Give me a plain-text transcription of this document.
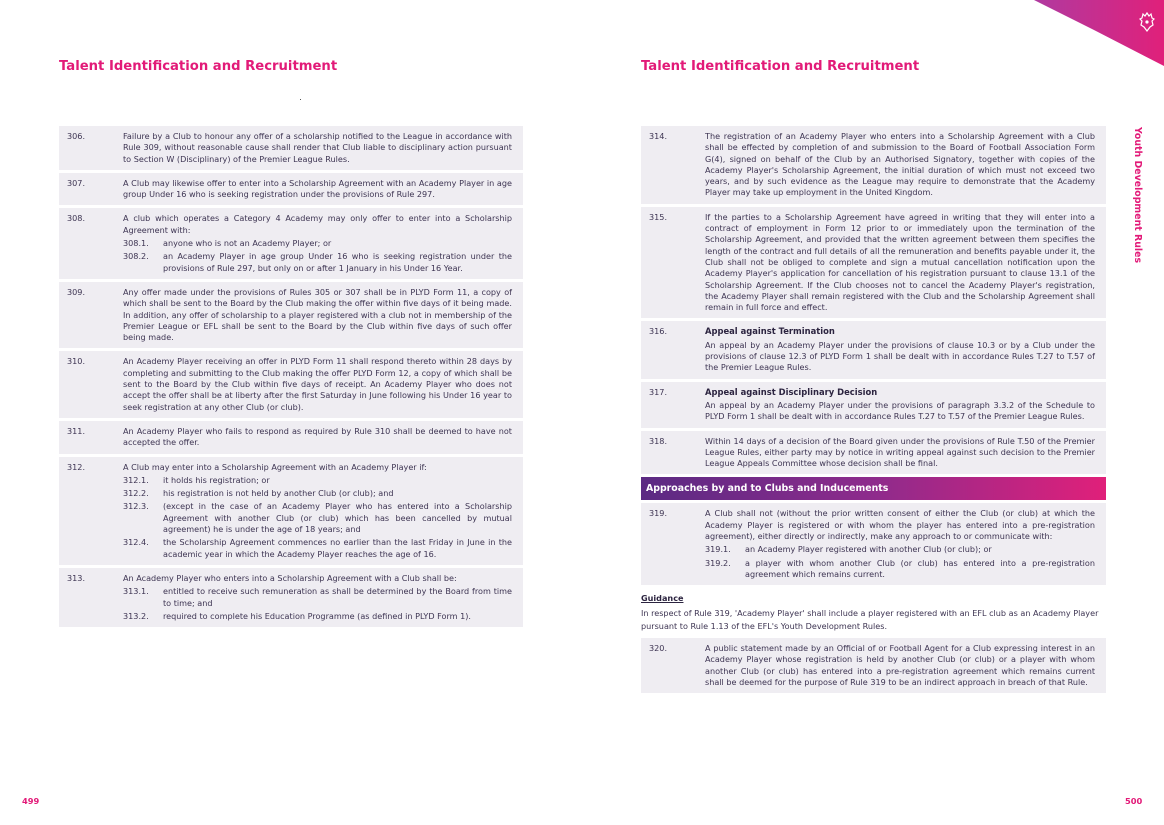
Talent Identification and Recruitment	Talent Identification and Recruitment
306.	Failure by a Club to honour any offer of a scholarship notified to the League in accordance with Rule 309, without reasonable cause shall render that Club liable to disciplinary action pursuant to Section W (Disciplinary) of the Premier League Rules.
307.	A Club may likewise offer to enter into a Scholarship Agreement with an Academy Player in age group Under 16 who is seeking registration under the provisions of Rule 297.
308.	A club which operates a Category 4 Academy may only offer to enter into a Scholarship Agreement with:
308.1.	anyone who is not an Academy Player; or
308.2.	an Academy Player in age group Under 16 who is seeking registration under the provisions of Rule 297, but only on or after 1 January in his Under 16 Year.
309.	Any offer made under the provisions of Rules 305 or 307 shall be in PLYD Form 11, a copy of which shall be sent to the Board by the Club making the offer within five days of it being made. In addition, any offer of scholarship to a player registered with a club not in membership of the Premier League or EFL shall be sent to the Board by the Club within five days of such offer being made.
310.	An Academy Player receiving an offer in PLYD Form 11 shall respond thereto within 28 days by completing and submitting to the Club making the offer PLYD Form 12, a copy of which shall be sent to the Board by the Club within five days of receipt. An Academy Player who does not accept the offer shall be at liberty after the first Saturday in June following his Under 16 year to seek registration at any other Club (or club).
311.	An Academy Player who fails to respond as required by Rule 310 shall be deemed to have not accepted the offer.
312.	A Club may enter into a Scholarship Agreement with an Academy Player if:
312.1.	it holds his registration; or
312.2.	his registration is not held by another Club (or club); and
312.3.	(except in the case of an Academy Player who has entered into a Scholarship Agreement with another Club (or club) which has been cancelled by mutual agreement) he is under the age of 18 years; and
312.4.	the Scholarship Agreement commences no earlier than the last Friday in June in the academic year in which the Academy Player reaches the age of 16.
313.	An Academy Player who enters into a Scholarship Agreement with a Club shall be:
313.1.	entitled to receive such remuneration as shall be determined by the Board from time to time; and
313.2.	required to complete his Education Programme (as defined in PLYD Form 1).
314.	The registration of an Academy Player who enters into a Scholarship Agreement with a Club shall be effected by completion of and submission to the Board of Football Association Form G(4), signed on behalf of the Club by an Authorised Signatory, together with copies of the Academy Player's Scholarship Agreement, the initial duration of which must not exceed two years, and by such evidence as the League may require to demonstrate that the Academy Player may take up employment in the United Kingdom.
315.	If the parties to a Scholarship Agreement have agreed in writing that they will enter into a contract of employment in Form 12 prior to or immediately upon the termination of the Scholarship Agreement, and provided that the written agreement between them specifies the length of the contract and full details of all the remuneration and benefits payable under it, the Club shall not be obliged to complete and sign a mutual cancellation notification upon the Academy Player's application for cancellation of his registration pursuant to clause 13.1 of the Scholarship Agreement. If the Club chooses not to cancel the Academy Player's registration, the Academy Player shall remain registered with the Club and the Scholarship Agreement shall remain in full force and effect.
316.	Appeal against Termination
An appeal by an Academy Player under the provisions of clause 10.3 or by a Club under the provisions of clause 12.3 of PLYD Form 1 shall be dealt with in accordance Rules T.27 to T.57 of the Premier League Rules.
317.	Appeal against Disciplinary Decision
An appeal by an Academy Player under the provisions of paragraph 3.3.2 of the Schedule to PLYD Form 1 shall be dealt with in accordance Rules T.27 to T.57 of the Premier League Rules.
318.	Within 14 days of a decision of the Board given under the provisions of Rule T.50 of the Premier League Rules, either party may by notice in writing appeal against such decision to the Premier League Appeals Committee whose decision shall be final.
Approaches by and to Clubs and Inducements
319.	A Club shall not (without the prior written consent of either the Club (or club) at which the Academy Player is registered or with whom the player has entered into a pre-registration agreement), either directly or indirectly, make any approach to or communicate with:
319.1.	an Academy Player registered with another Club (or club); or
319.2.	a player with whom another Club (or club) has entered into a pre-registration agreement which remains current.
Guidance
In respect of Rule 319, 'Academy Player' shall include a player registered with an EFL club as an Academy Player pursuant to Rule 1.13 of the EFL's Youth Development Rules.
320.	A public statement made by an Official of or Football Agent for a Club expressing interest in an Academy Player whose registration is held by another Club (or club) or a player with whom another Club (or club) has entered into a pre-registration agreement which remains current shall be deemed for the purpose of Rule 319 to be an indirect approach in breach of that Rule.
Youth Development Rules
499	500
